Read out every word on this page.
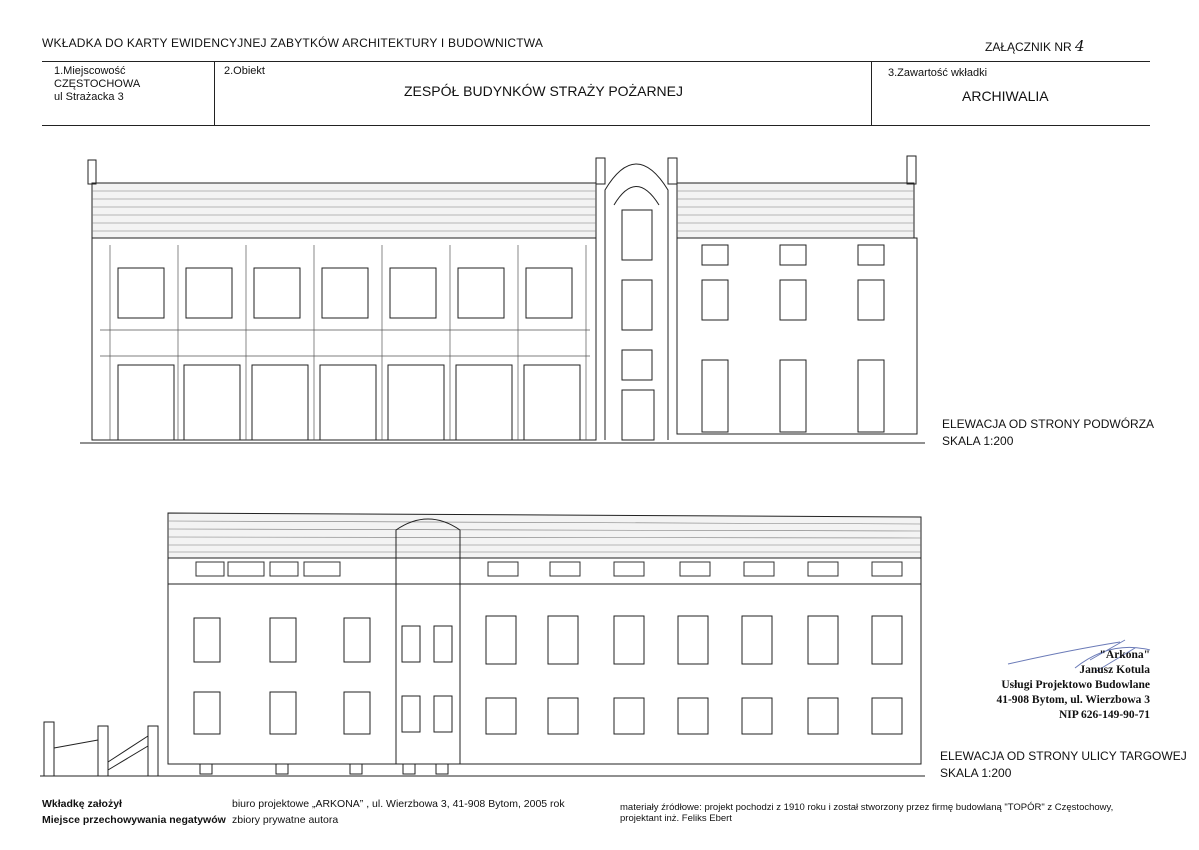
WKŁADKA DO KARTY EWIDENCYJNEJ ZABYTKÓW ARCHITEKTURY I BUDOWNICTWA	ZAŁĄCZNIK NR 4
1.Miejscowość
CZĘSTOCHOWA
ul Strażacka 3
2.Obiekt
ZESPÓŁ BUDYNKÓW STRAŻY POŻARNEJ
3.Zawartość wkładki
ARCHIWALIA
ELEWACJA OD STRONY PODWÓRZA
SKALA 1:200
ELEWACJA OD STRONY ULICY TARGOWEJ
SKALA 1:200
"Arkona"
Janusz Kotula
Usługi Projektowo Budowlane
41-908 Bytom, ul. Wierzbowa 3
NIP 626-149-90-71
Wkładkę założył
Miejsce przechowywania negatywów
biuro projektowe „ARKONA” , ul. Wierzbowa 3, 41-908 Bytom, 2005 rok
zbiory prywatne autora
materiały źródłowe: projekt pochodzi z 1910 roku i został stworzony przez firmę budowlaną "TOPÓR" z Częstochowy,
projektant inż. Feliks Ebert
